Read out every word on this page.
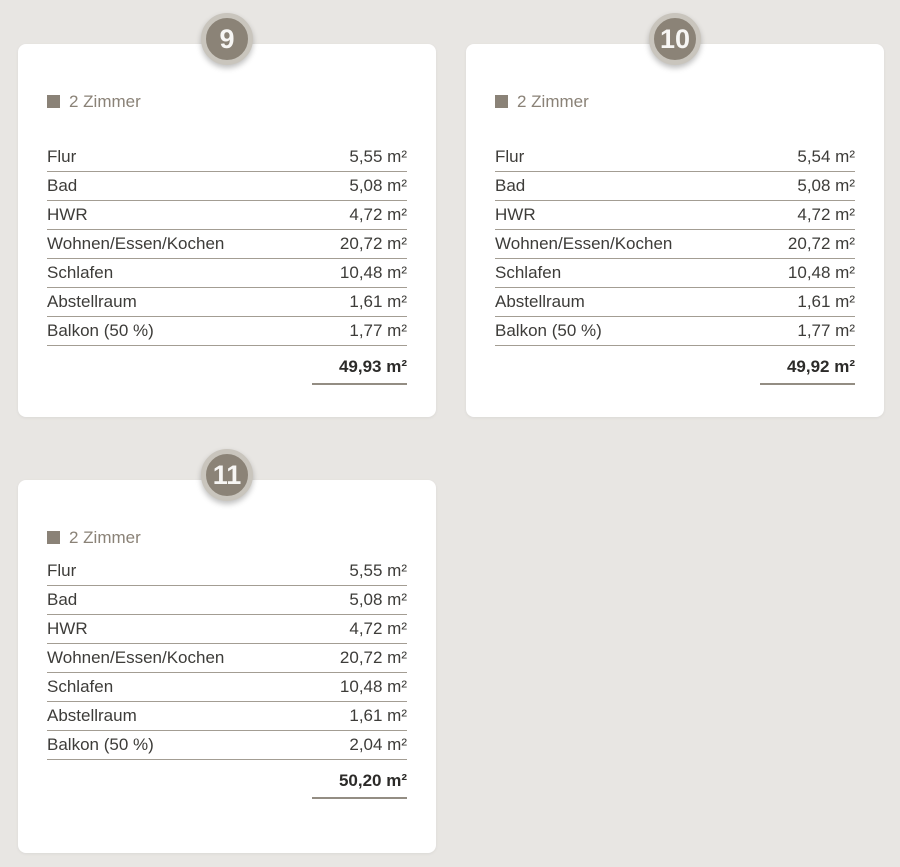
9
2 Zimmer
Flur	5,55 m²
Bad	5,08 m²
HWR	4,72 m²
Wohnen/Essen/Kochen	20,72 m²
Schlafen	10,48 m²
Abstellraum	1,61 m²
Balkon (50 %)	1,77 m²
49,93 m²
10
2 Zimmer
Flur	5,54 m²
Bad	5,08 m²
HWR	4,72 m²
Wohnen/Essen/Kochen	20,72 m²
Schlafen	10,48 m²
Abstellraum	1,61 m²
Balkon (50 %)	1,77 m²
49,92 m²
11
2 Zimmer
Flur	5,55 m²
Bad	5,08 m²
HWR	4,72 m²
Wohnen/Essen/Kochen	20,72 m²
Schlafen	10,48 m²
Abstellraum	1,61 m²
Balkon (50 %)	2,04 m²
50,20 m²
